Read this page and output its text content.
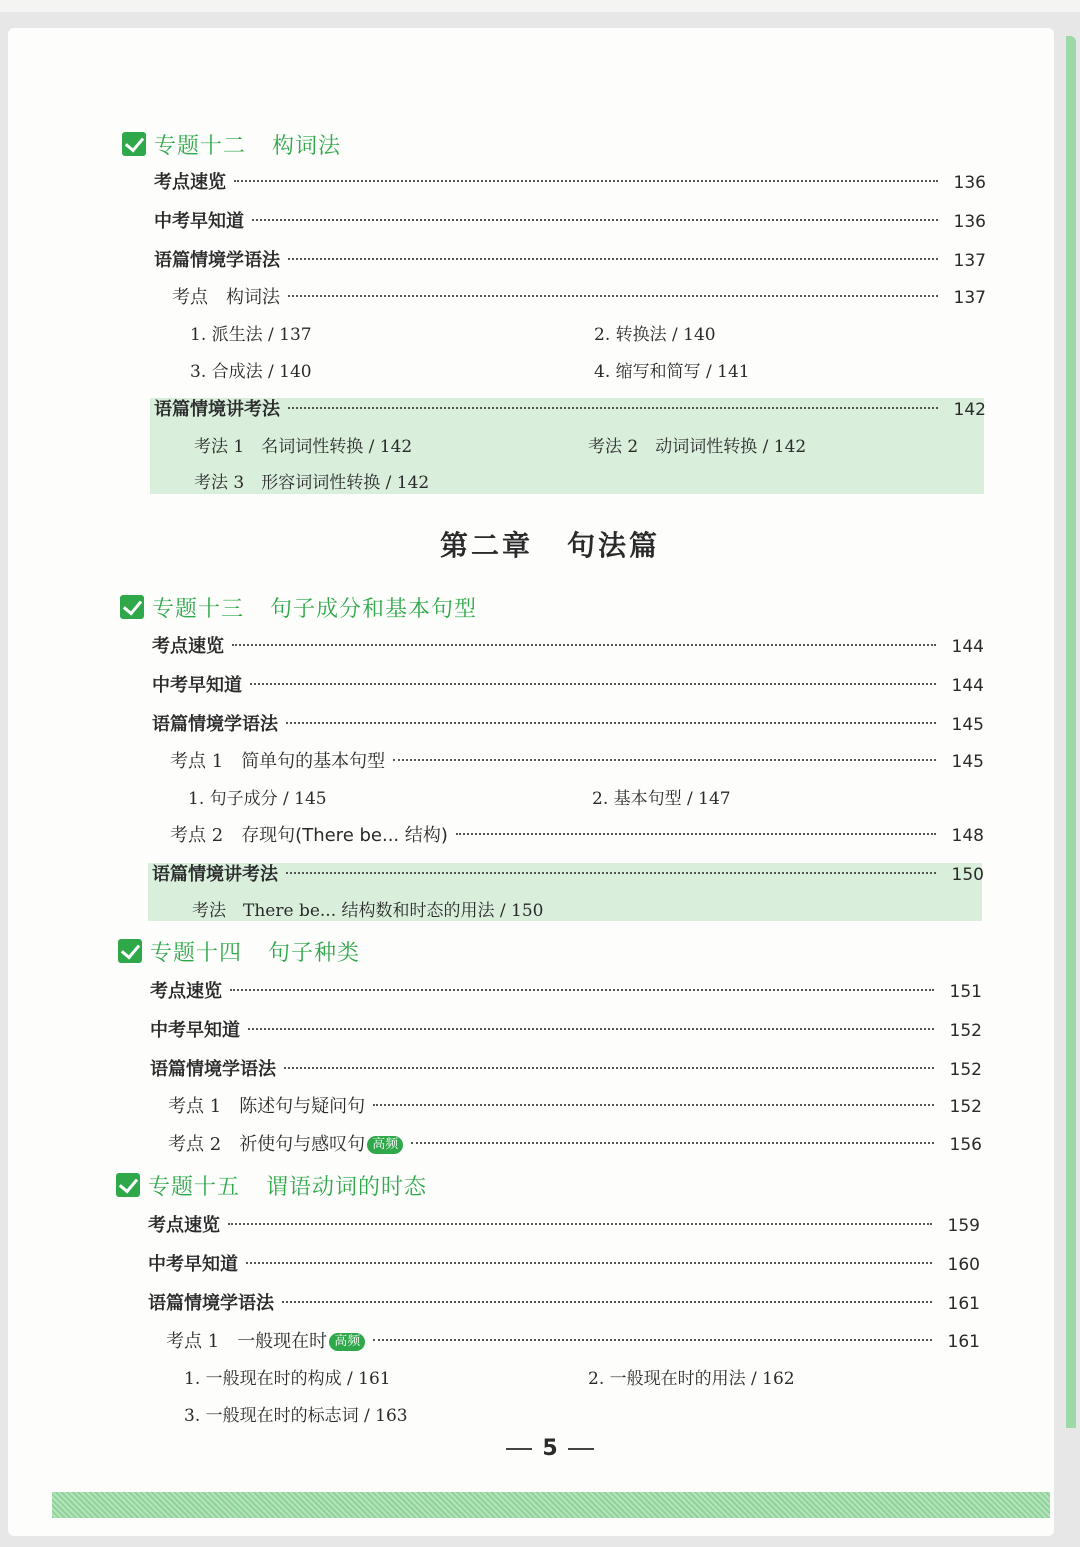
专题十二 构词法
考点速览	136
中考早知道	136
语篇情境学语法	137
考点 构词法	137
1. 派生法 / 137	2. 转换法 / 140
3. 合成法 / 140	4. 缩写和简写 / 141
语篇情境讲考法	142
考法 1　名词词性转换 / 142	考法 2　动词词性转换 / 142
考法 3　形容词词性转换 / 142
第二章 句法篇
专题十三 句子成分和基本句型
考点速览	144
中考早知道	144
语篇情境学语法	145
考点 1 简单句的基本句型	145
1. 句子成分 / 145	2. 基本句型 / 147
考点 2 存现句(There be... 结构)	148
语篇情境讲考法	150
考法　There be... 结构数和时态的用法 / 150
专题十四 句子种类
考点速览	151
中考早知道	152
语篇情境学语法	152
考点 1 陈述句与疑问句	152
考点 2 祈使句与感叹句 高频	156
专题十五 谓语动词的时态
考点速览	159
中考早知道	160
语篇情境学语法	161
考点 1 一般现在时 高频	161
1. 一般现在时的构成 / 161	2. 一般现在时的用法 / 162
3. 一般现在时的标志词 / 163
5
